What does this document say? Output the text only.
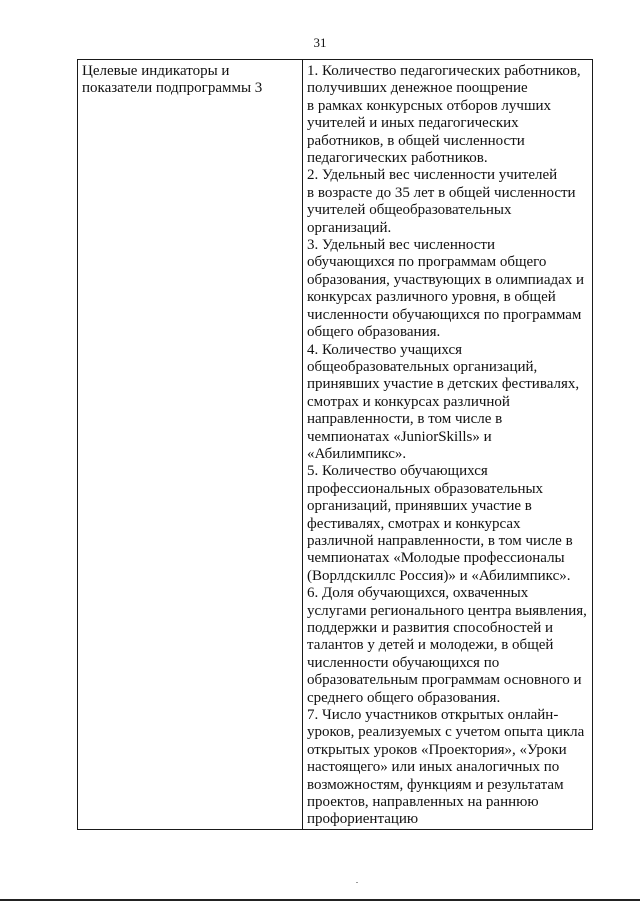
31
Целевые индикаторы и
показатели подпрограммы 3

1. Количество педагогических работников,
получивших денежное поощрение
в рамках конкурсных отборов лучших
учителей и иных педагогических
работников, в общей численности
педагогических работников.
2. Удельный вес численности учителей
в возрасте до 35 лет в общей численности
учителей общеобразовательных
организаций.
3. Удельный вес численности
обучающихся по программам общего
образования, участвующих в олимпиадах и
конкурсах различного уровня, в общей
численности обучающихся по программам
общего образования.
4. Количество учащихся
общеобразовательных организаций,
принявших участие в детских фестивалях,
смотрах и конкурсах различной
направленности, в том числе в
чемпионатах «JuniorSkills» и
«Абилимпикс».
5. Количество обучающихся
профессиональных образовательных
организаций, принявших участие в
фестивалях, смотрах и конкурсах
различной направленности, в том числе в
чемпионатах «Молодые профессионалы
(Ворлдскиллс Россия)» и «Абилимпикс».
6. Доля обучающихся, охваченных
услугами регионального центра выявления,
поддержки и развития способностей и
талантов у детей и молодежи, в общей
численности обучающихся по
образовательным программам основного и
среднего общего образования.
7. Число участников открытых онлайн-
уроков, реализуемых с учетом опыта цикла
открытых уроков «Проектория», «Уроки
настоящего» или иных аналогичных по
возможностям, функциям и результатам
проектов, направленных на раннюю
профориентацию
